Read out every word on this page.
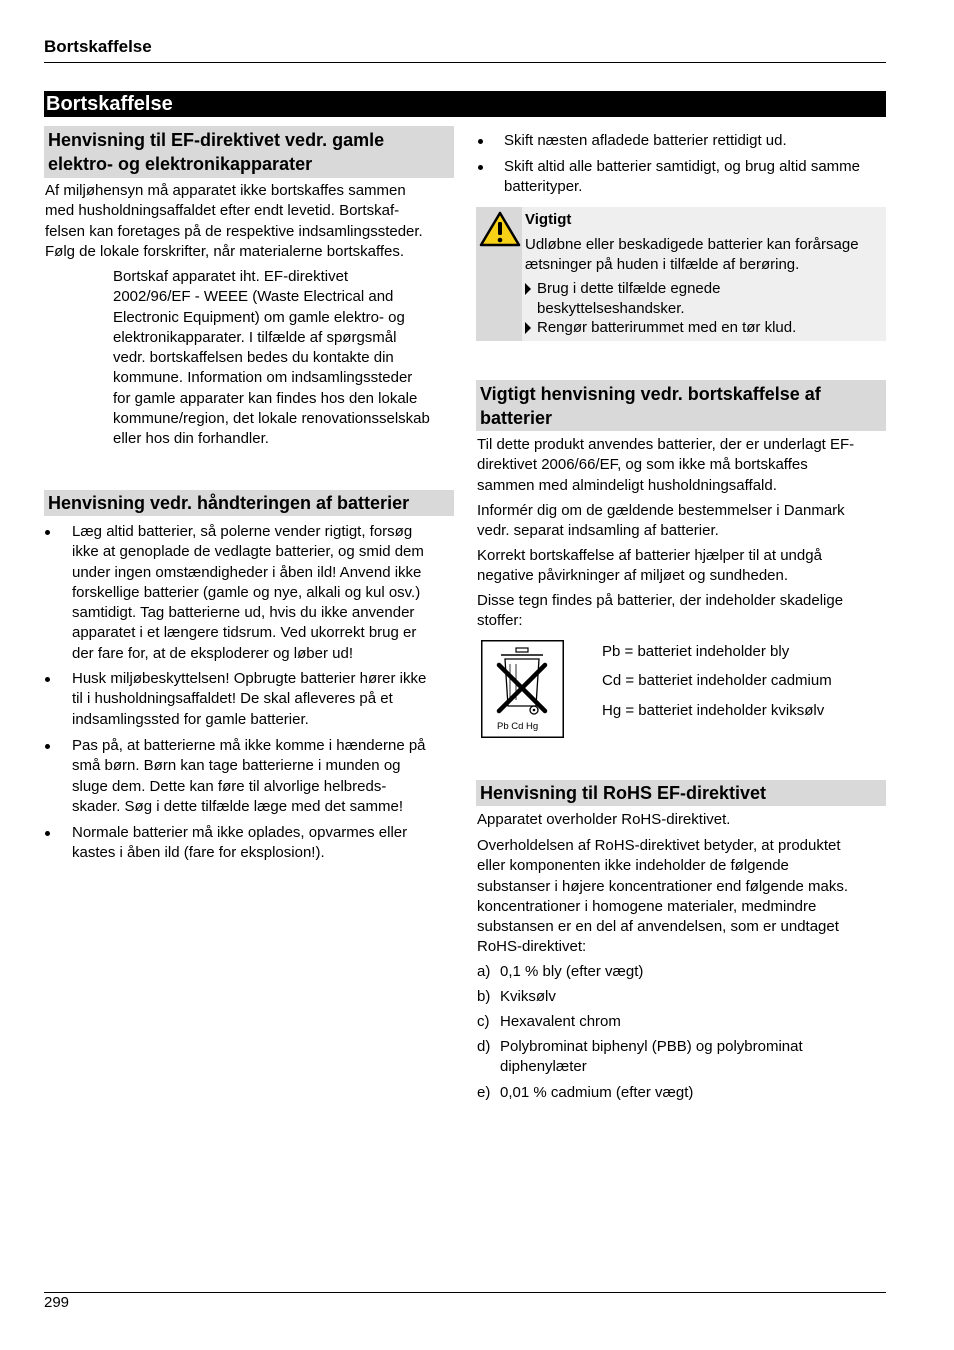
Bortskaffelse
Bortskaffelse
Henvisning til EF-direktivet vedr. gamle
elektro- og elektronikapparater
Af miljøhensyn må apparatet ikke bortskaffes sammen
med husholdningsaffaldet efter endt levetid. Bortskaf-
felsen kan foretages på de respektive indsamlingssteder.
Følg de lokale forskrifter, når materialerne bortskaffes.
Bortskaf apparatet iht. EF-direktivet
2002/96/EF - WEEE (Waste Electrical and
Electronic Equipment) om gamle elektro- og
elektronikapparater. I tilfælde af spørgsmål
vedr. bortskaffelsen bedes du kontakte din
kommune. Information om indsamlingssteder
for gamle apparater kan findes hos den lokale
kommune/region, det lokale renovationsselskab
eller hos din forhandler.
Henvisning vedr. håndteringen af batterier
Læg altid batterier, så polerne vender rigtigt, forsøg
ikke at genoplade de vedlagte batterier, og smid dem
under ingen omstændigheder i åben ild! Anvend ikke
forskellige batterier (gamle og nye, alkali og kul osv.)
samtidigt. Tag batterierne ud, hvis du ikke anvender
apparatet i et længere tidsrum. Ved ukorrekt brug er
der fare for, at de eksploderer og løber ud!
Husk miljøbeskyttelsen! Opbrugte batterier hører ikke
til i husholdningsaffaldet! De skal afleveres på et
indsamlingssted for gamle batterier.
Pas på, at batterierne må ikke komme i hænderne på
små børn. Børn kan tage batterierne i munden og
sluge dem. Dette kan føre til alvorlige helbreds-
skader. Søg i dette tilfælde læge med det samme!
Normale batterier må ikke oplades, opvarmes eller
kastes i åben ild (fare for eksplosion!).
Skift næsten afladede batterier rettidigt ud.
Skift altid alle batterier samtidigt, og brug altid samme
batterityper.
Vigtigt
Udløbne eller beskadigede batterier kan forårsage
ætsninger på huden i tilfælde af berøring.
Brug i dette tilfælde egnede
beskyttelseshandsker.
Rengør batterirummet med en tør klud.
Vigtigt henvisning vedr. bortskaffelse af
batterier
Til dette produkt anvendes batterier, der er underlagt EF-
direktivet 2006/66/EF, og som ikke må bortskaffes
sammen med almindeligt husholdningsaffald.
Informér dig om de gældende bestemmelser i Danmark
vedr. separat indsamling af batterier.
Korrekt bortskaffelse af batterier hjælper til at undgå
negative påvirkninger af miljøet og sundheden.
Disse tegn findes på batterier, der indeholder skadelige
stoffer:
Pb Cd Hg
Pb = batteriet indeholder bly
Cd = batteriet indeholder cadmium
Hg = batteriet indeholder kviksølv
Henvisning til RoHS EF-direktivet
Apparatet overholder RoHS-direktivet.
Overholdelsen af RoHS-direktivet betyder, at produktet
eller komponenten ikke indeholder de følgende
substanser i højere koncentrationer end følgende maks.
koncentrationer i homogene materialer, medmindre
substansen er en del af anvendelsen, som er undtaget
RoHS-direktivet:
a) 0,1 % bly (efter vægt)
b) Kviksølv
c) Hexavalent chrom
d) Polybrominat biphenyl (PBB) og polybrominat
diphenylæter
e) 0,01 % cadmium (efter vægt)
299
